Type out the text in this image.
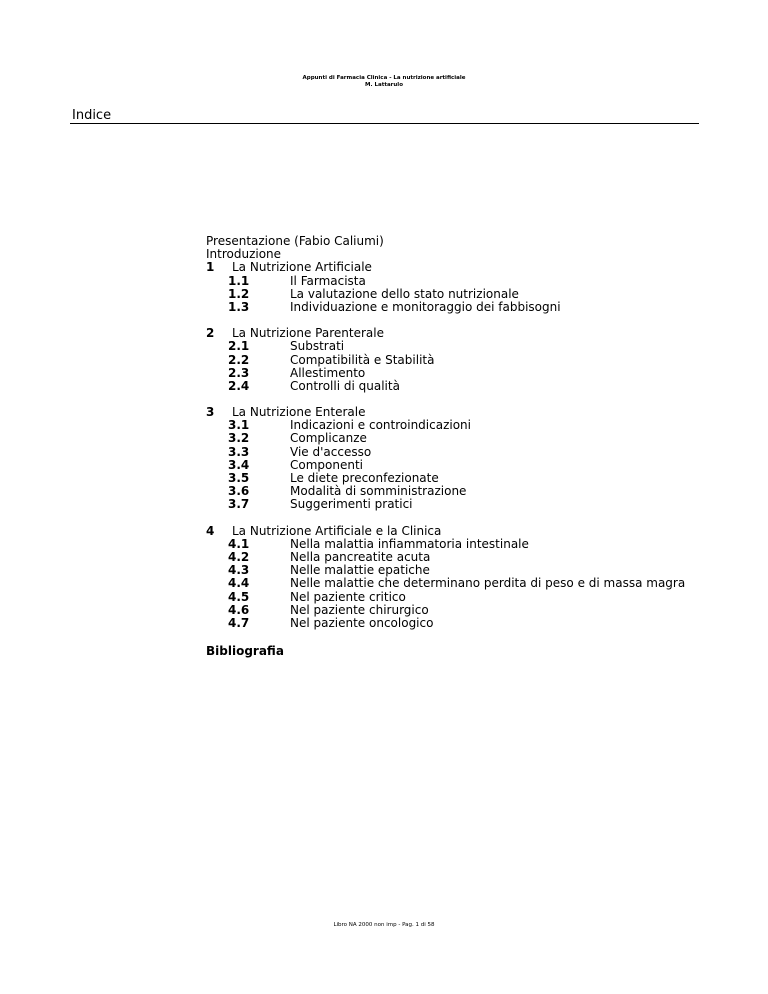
Appunti di Farmacia Clinica - La nutrizione artificiale
M. Lattarulo
Indice
Presentazione (Fabio Caliumi)
Introduzione
1 La Nutrizione Artificiale
1.1	Il Farmacista
1.2	La valutazione dello stato nutrizionale
1.3	Individuazione e monitoraggio dei fabbisogni
2 La Nutrizione Parenterale
2.1	Substrati
2.2	Compatibilità e Stabilità
2.3	Allestimento
2.4	Controlli di qualità
3 La Nutrizione Enterale
3.1	Indicazioni e controindicazioni
3.2	Complicanze
3.3	Vie d'accesso
3.4	Componenti
3.5	Le diete preconfezionate
3.6	Modalità di somministrazione
3.7	Suggerimenti pratici
4 La Nutrizione Artificiale e la Clinica
4.1	Nella malattia infiammatoria intestinale
4.2	Nella pancreatite acuta
4.3	Nelle malattie epatiche
4.4	Nelle malattie che determinano perdita di peso e di massa magra
4.5	Nel paziente critico
4.6	Nel paziente chirurgico
4.7	Nel paziente oncologico
Bibliografia
Libro NA 2000 non imp - Pag. 1 di 58
